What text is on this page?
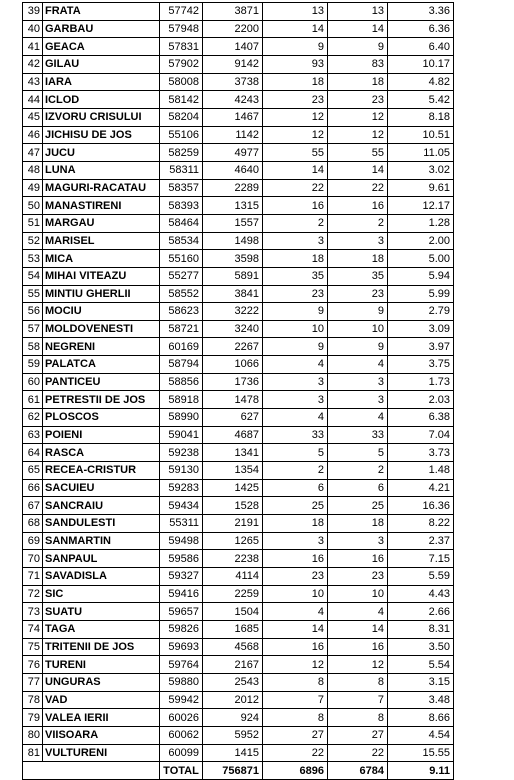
39	FRATA	57742	3871	13	13	3.36
40	GARBAU	57948	2200	14	14	6.36
41	GEACA	57831	1407	9	9	6.40
42	GILAU	57902	9142	93	83	10.17
43	IARA	58008	3738	18	18	4.82
44	ICLOD	58142	4243	23	23	5.42
45	IZVORU CRISULUI	58204	1467	12	12	8.18
46	JICHISU DE JOS	55106	1142	12	12	10.51
47	JUCU	58259	4977	55	55	11.05
48	LUNA	58311	4640	14	14	3.02
49	MAGURI-RACATAU	58357	2289	22	22	9.61
50	MANASTIRENI	58393	1315	16	16	12.17
51	MARGAU	58464	1557	2	2	1.28
52	MARISEL	58534	1498	3	3	2.00
53	MICA	55160	3598	18	18	5.00
54	MIHAI VITEAZU	55277	5891	35	35	5.94
55	MINTIU GHERLII	58552	3841	23	23	5.99
56	MOCIU	58623	3222	9	9	2.79
57	MOLDOVENESTI	58721	3240	10	10	3.09
58	NEGRENI	60169	2267	9	9	3.97
59	PALATCA	58794	1066	4	4	3.75
60	PANTICEU	58856	1736	3	3	1.73
61	PETRESTII DE JOS	58918	1478	3	3	2.03
62	PLOSCOS	58990	627	4	4	6.38
63	POIENI	59041	4687	33	33	7.04
64	RASCA	59238	1341	5	5	3.73
65	RECEA-CRISTUR	59130	1354	2	2	1.48
66	SACUIEU	59283	1425	6	6	4.21
67	SANCRAIU	59434	1528	25	25	16.36
68	SANDULESTI	55311	2191	18	18	8.22
69	SANMARTIN	59498	1265	3	3	2.37
70	SANPAUL	59586	2238	16	16	7.15
71	SAVADISLA	59327	4114	23	23	5.59
72	SIC	59416	2259	10	10	4.43
73	SUATU	59657	1504	4	4	2.66
74	TAGA	59826	1685	14	14	8.31
75	TRITENII DE JOS	59693	4568	16	16	3.50
76	TURENI	59764	2167	12	12	5.54
77	UNGURAS	59880	2543	8	8	3.15
78	VAD	59942	2012	7	7	3.48
79	VALEA IERII	60026	924	8	8	8.66
80	VIISOARA	60062	5952	27	27	4.54
81	VULTURENI	60099	1415	22	22	15.55
		TOTAL	756871	6896	6784	9.11
